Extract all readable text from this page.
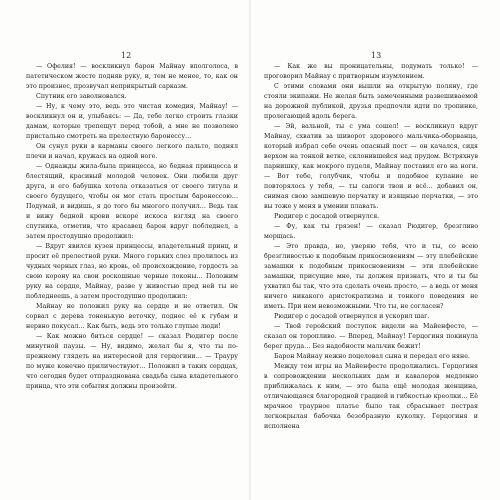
12

— Офелия! — воскликнул барон Майнау вполголоса, в патетическом жесте подняв руку, и, тем не менее, то, как он это произнес, прозвучал неприкрытый сарказм.

Спутник его заволновался.

— Ну, к чему это, ведь это чистая комедия, Майнау! — воскликнул он и, улыбаясь: — Да, тебе легко строить глазки дамам, которые трепещут перед тобой, а мне не позволено пристально смотреть на прелестную баронессу…

Он сунул руки в карманы своего легкого пальто, поднял плечи и начал, кружась на одной ноге.

— Однажды жила-была принцесса, но бедная принцесса и блестящий, красивый молодой человек. Они любили друг друга, и его бабушка хотела отказаться от своего титула и своего будущего, чтобы он мог стать простым баронессою… Подумай, и видишь, я до того бы многого получил… Ведь так и вижу бедной крови вскоре искоса взгляд на своего спутника, отметив, что красавец барон вдруг побледнел, а затем простодушно продолжил:

— Вдруг явился кузен принцессы, владетельный принц, и просит её прелестной руки. Много горьких слез пролилось из чудных черных глаз, но кровь, её происхождение, гордость за свою корону на свои роскошные черные локоны… Положим руку на сердце, Майнау, разве у живостью пред ней ты не побледнеешь, а затем простодушно продолжил:

Майнау не положил руку на сердце и не ответил. Он сорвал с дерева тоненькую веточку, поднес её к губам и нервно покусал… Как быть, ведь это только глупые люди!

— Как можно биться сердце! — сказал Рюдигер после минутной паузы. — Ну, видимо, желал бы я, что ты по-прежнему глядеть на интересной для герцогини… — Трауру по муже конечно приличествуют… Положил в таких сердцах, что сегодня будет отпразднована свадьба сына владетельного принца, что эти события должны произойти.

13

— Как же вы проницательны, подумать только! — проговорил Майнау с притворным изумлением.

С этими словами они вышли на открытую поляну, где стояли экипажи. Не желая быть замеченными развешиваемой на дорожной публикой, друзья предпочли идти по тропинке, пролегающей вдоль берега.

— Эй, вальной, ты с ума сошел! — воскликнул вдруг Майнау, схватив за шиворот здорового мальчика-оборванца, который избрал себе очень опасный пост — он качался, сидя верхом на тонкой ветке, склонившейся над прудом. Встряхнув парнишку, как мокрого пуделя, Майнау поставил его на ноги. — Вот тебе, голубчик, чтобы и подобное купание не повторялось у тебя, — ты сапоги твои и всё… добавил он, снимая свою замшевую перчатку и изящные перчатки, — это вы тоже у меня в умении плавать.

Рюдигер с досадой отвернулся.

— Фу, как ты грязен! — сказал Рюдигер, брезгливо морщась.

— Это правда, но, уверяю тебя, что и ты, со всею брезгливостью к подобным прикосновениям — эту плебейские замашки к подобным прикосновениям — эти плебейские замашки, присущие мне, ты должен признать, что и ты бы ухватил бы так, что эта сделать очень просто, — а ведь от меня ничего никакого аристократизма и тонкого поведения не иметь. При нем невозможными. Что ты, не согласен?

Рюдигер с досадой отвернулся и ускорил шаг.

— Твой геройский поступок видели на Майенфесте, — сказал он торопливо. — Вперед, Майнау! Герцогиня покинула берег пруда… Без надобности мальчик бежит!

Барон Майнау нежно поцеловал сына и передал его няне.

Между тем игры на Майенфесте продолжались. Герцогиня в сопровождении нескольких дам и кавалеров медленно приближалась к ним, — это была ещё молодая женщина, отличающаяся благородной грацией и гибкостью креолки… Её мрачное траурное платье было так сбрасывает пестрая легкокрылая бабочка безобразную куколку. Герцогиня и исполнена
